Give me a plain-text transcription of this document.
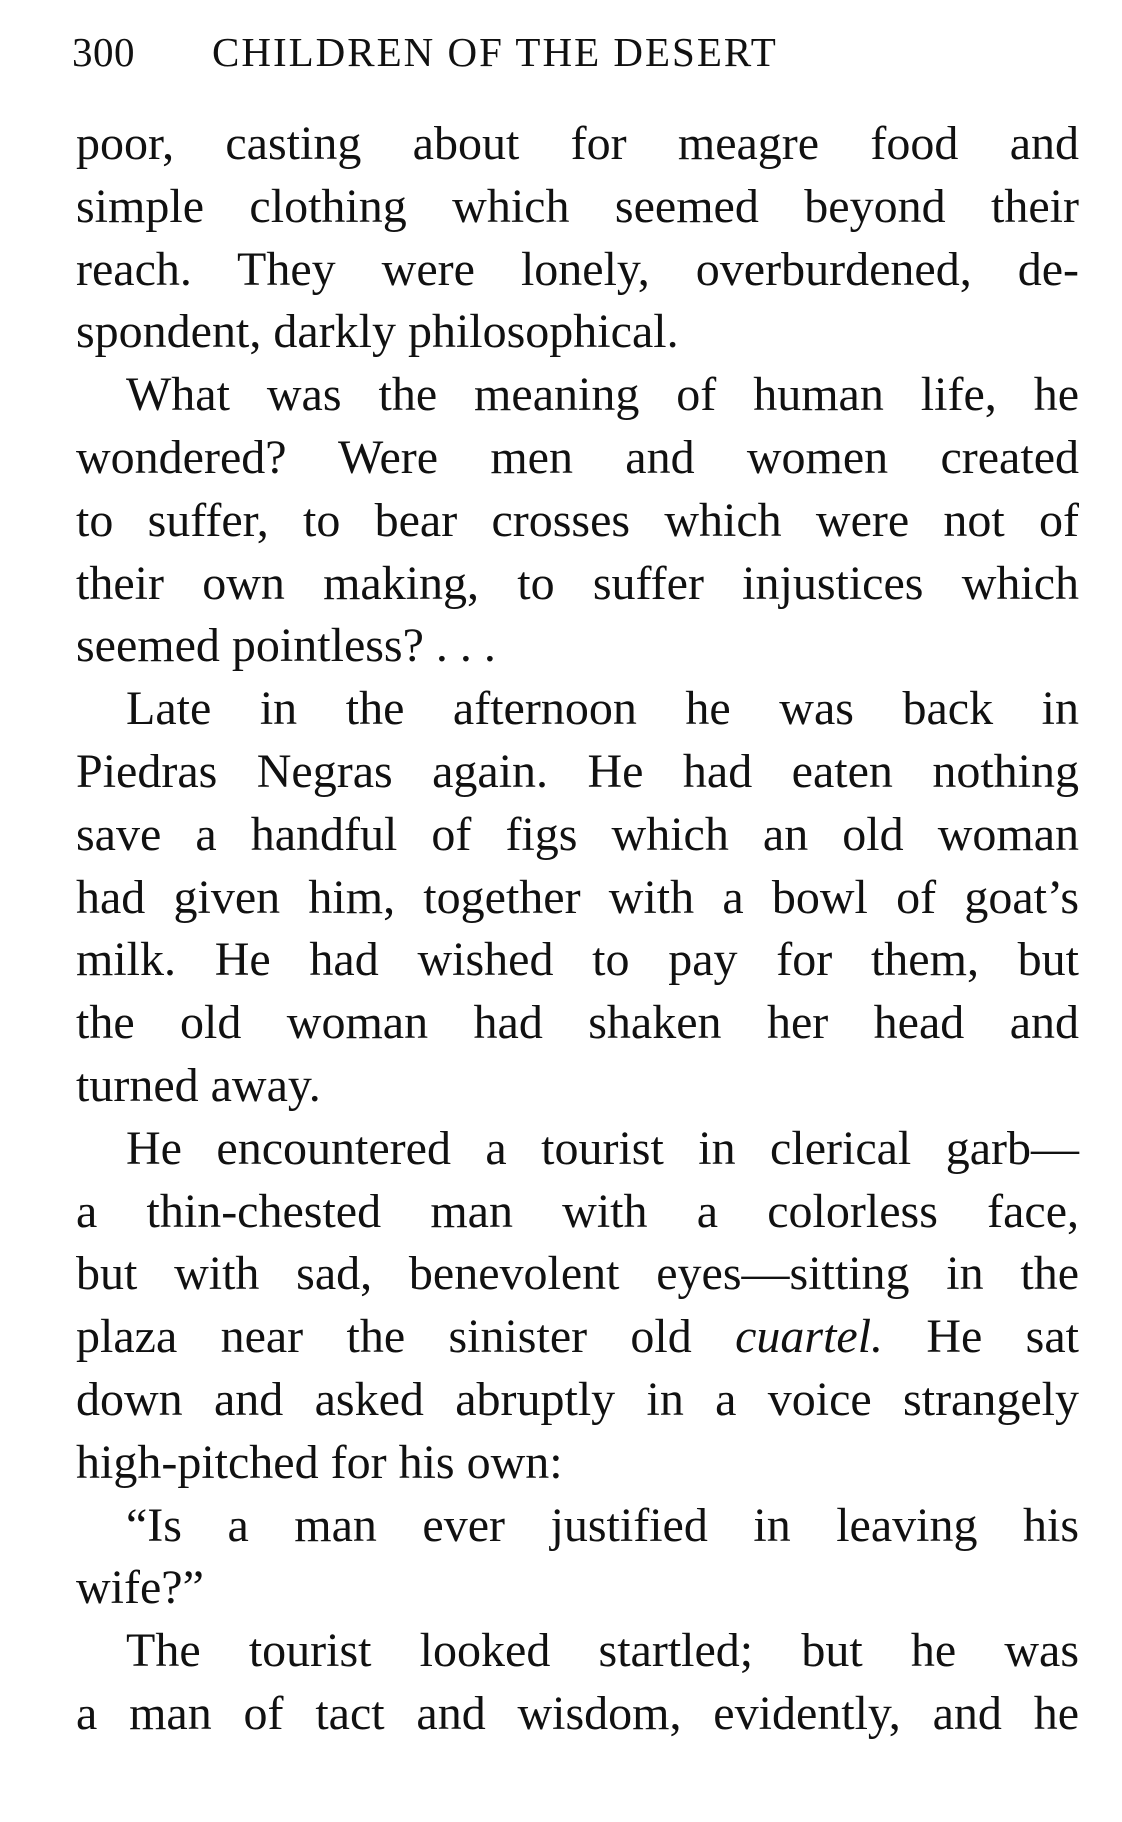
300 CHILDREN OF THE DESERT
poor, casting about for meagre food and
simple clothing which seemed beyond their
reach. They were lonely, overburdened, de-
spondent, darkly philosophical.
What was the meaning of human life, he
wondered? Were men and women created
to suffer, to bear crosses which were not of
their own making, to suffer injustices which
seemed pointless? . . .
Late in the afternoon he was back in
Piedras Negras again. He had eaten nothing
save a handful of figs which an old woman
had given him, together with a bowl of goat’s
milk. He had wished to pay for them, but
the old woman had shaken her head and
turned away.
He encountered a tourist in clerical garb—
a thin-chested man with a colorless face,
but with sad, benevolent eyes—sitting in the
plaza near the sinister old cuartel. He sat
down and asked abruptly in a voice strangely
high-pitched for his own:
“Is a man ever justified in leaving his
wife?”
The tourist looked startled; but he was
a man of tact and wisdom, evidently, and he
